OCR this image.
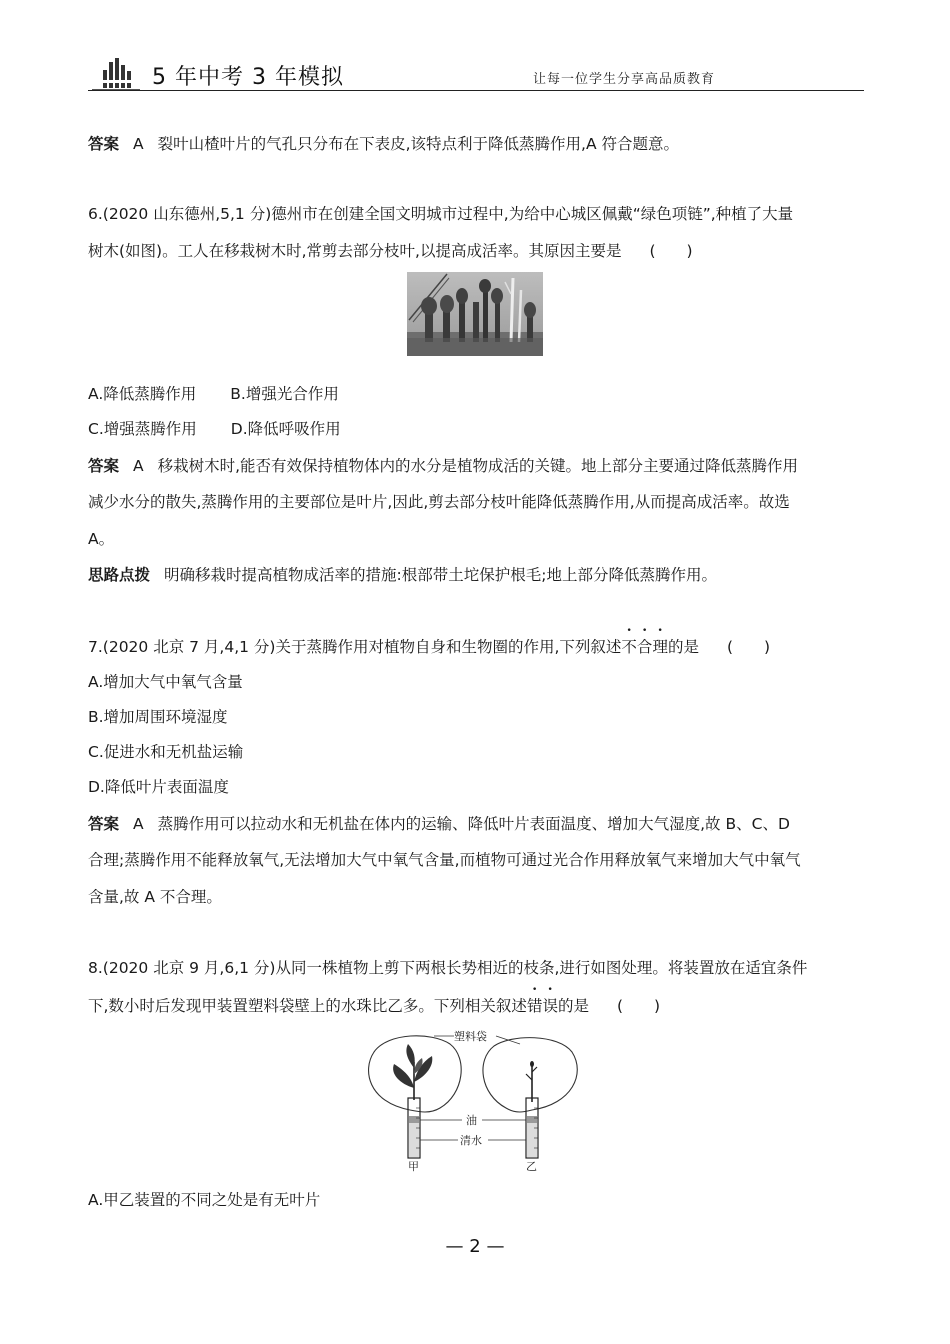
5 年中考 3 年模拟	让每一位学生分享高品质教育
答案 A 裂叶山楂叶片的气孔只分布在下表皮,该特点利于降低蒸腾作用,A 符合题意。
6.(2020 山东德州,5,1 分)德州市在创建全国文明城市过程中,为给中心城区佩戴“绿色项链”,种植了大量
树木(如图)。工人在移栽树木时,常剪去部分枝叶,以提高成活率。其原因主要是 (　　)
A.降低蒸腾作用 B.增强光合作用
C.增强蒸腾作用 D.降低呼吸作用
答案 A 移栽树木时,能否有效保持植物体内的水分是植物成活的关键。地上部分主要通过降低蒸腾作用
减少水分的散失,蒸腾作用的主要部位是叶片,因此,剪去部分枝叶能降低蒸腾作用,从而提高成活率。故选
A。
思路点拨 明确移栽时提高植物成活率的措施:根部带土坨保护根毛;地上部分降低蒸腾作用。
7.(2020 北京 7 月,4,1 分)关于蒸腾作用对植物自身和生物圈的作用,下列叙述不合理的是 (　　)
A.增加大气中氧气含量
B.增加周围环境湿度
C.促进水和无机盐运输
D.降低叶片表面温度
答案 A 蒸腾作用可以拉动水和无机盐在体内的运输、降低叶片表面温度、增加大气湿度,故 B、C、D
合理;蒸腾作用不能释放氧气,无法增加大气中氧气含量,而植物可通过光合作用释放氧气来增加大气中氧气
含量,故 A 不合理。
8.(2020 北京 9 月,6,1 分)从同一株植物上剪下两根长势相近的枝条,进行如图处理。将装置放在适宜条件
下,数小时后发现甲装置塑料袋壁上的水珠比乙多。下列相关叙述错误的是 (　　)
塑料袋
油
清水
甲	乙
A.甲乙装置的不同之处是有无叶片
— 2 —
